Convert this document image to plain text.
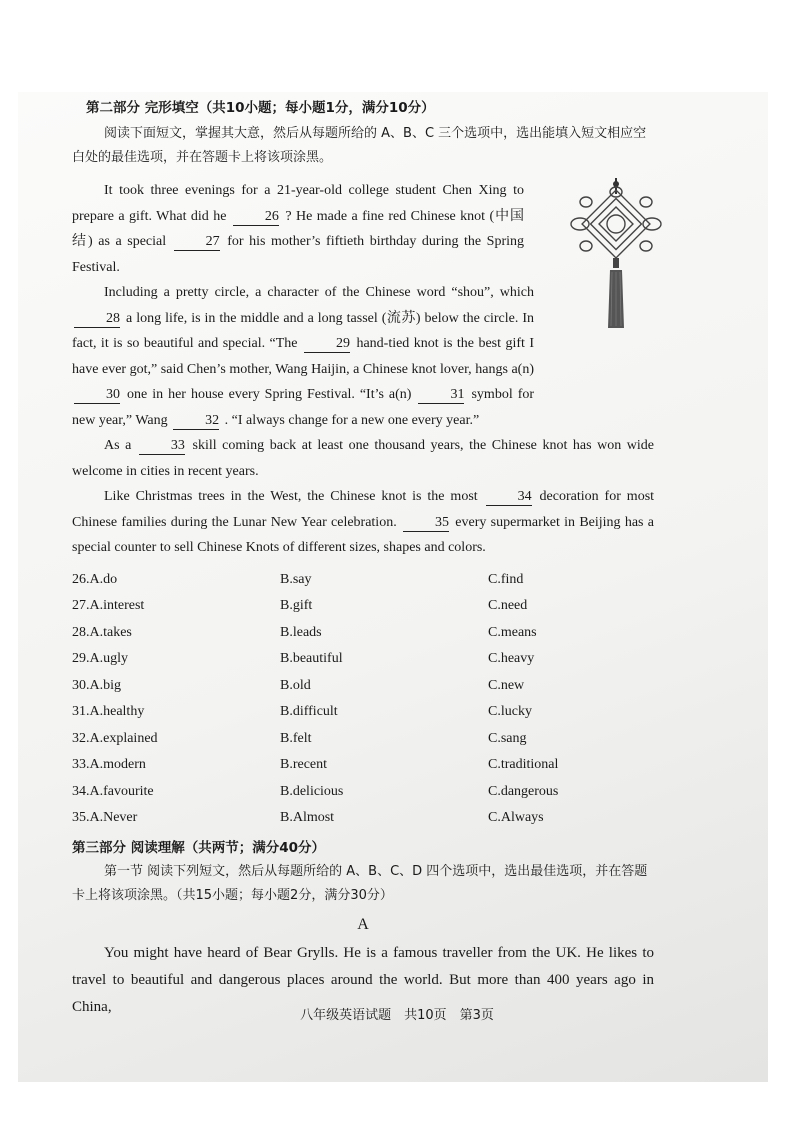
第二部分 完形填空（共10小题；每小题1分，满分10分）

阅读下面短文，掌握其大意，然后从每题所给的 A、B、C 三个选项中，选出能填入短文相应空白处的最佳选项，并在答题卡上将该项涂黑。

It took three evenings for a 21-year-old college student Chen Xing to prepare a gift. What did he	26 ? He made a fine red Chinese knot (中国结) as a special	27 for his mother’s fiftieth birthday during the Spring Festival.

Including a pretty circle, a character of the Chinese word “shou”, which 28 a long life, is in the middle and a long tassel (流苏) below the circle. In fact, it is so beautiful and special. “The	29 hand-tied knot is the best gift I have ever got,” said Chen’s mother, Wang Haijin, a Chinese knot lover, hangs a(n) 30 one in her house every Spring Festival. “It’s a(n)	31 symbol for new year,” Wang	32 . “I always change for a new one every year.”

As a	33 skill coming back at least one thousand years, the Chinese knot has won wide welcome in cities in recent years.

Like Christmas trees in the West, the Chinese knot is the most	34 decoration for most Chinese families during the Lunar New Year celebration.	35 every supermarket in Beijing has a special counter to sell Chinese Knots of different sizes, shapes and colors.

26.A.do	B.say	C.find
27.A.interest	B.gift	C.need
28.A.takes	B.leads	C.means
29.A.ugly	B.beautiful	C.heavy
30.A.big	B.old	C.new
31.A.healthy	B.difficult	C.lucky
32.A.explained	B.felt	C.sang
33.A.modern	B.recent	C.traditional
34.A.favourite	B.delicious	C.dangerous
35.A.Never	B.Almost	C.Always
第三部分 阅读理解（共两节；满分40分）

第一节 阅读下列短文，然后从每题所给的 A、B、C、D 四个选项中，选出最佳选项，并在答题卡上将该项涂黑。（共15小题；每小题2分，满分30分）

A

You might have heard of Bear Grylls. He is a famous traveller from the UK. He likes to travel to beautiful and dangerous places around the world. But more than 400 years ago in China,

八年级英语试题　共10页　第3页
